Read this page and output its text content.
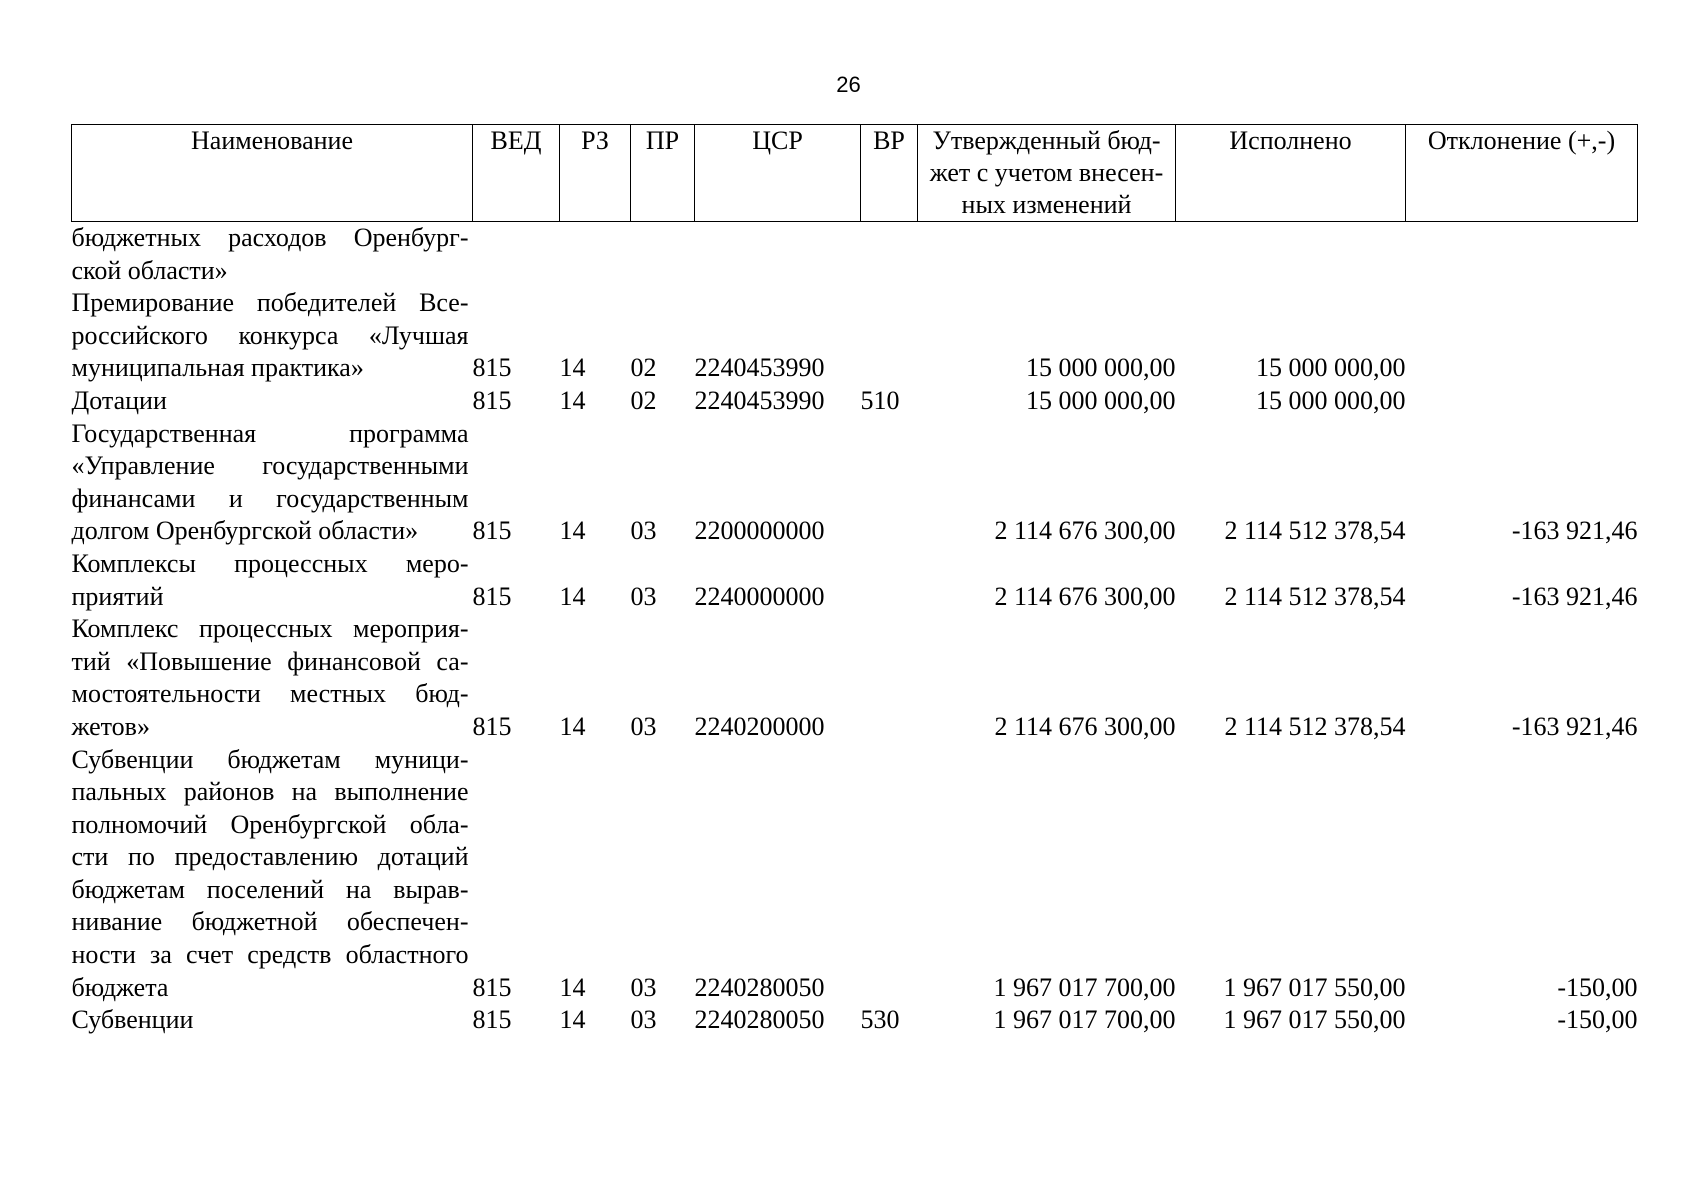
26
Наименование	ВЕД	РЗ	ПР	ЦСР	ВР	Утвержденный бюд-жет с учетом внесен-ных изменений	Исполнено	Отклонение (+,-)
бюджетных расходов Оренбург-ской области»								
Премирование победителей Все-российского конкурса «Лучшая муниципальная практика»	815	14	02	2240453990		15 000 000,00	15 000 000,00	
Дотации	815	14	02	2240453990	510	15 000 000,00	15 000 000,00	
Государственная программа «Управление государственными финансами и государственным долгом Оренбургской области»	815	14	03	2200000000		2 114 676 300,00	2 114 512 378,54	-163 921,46
Комплексы процессных меро-приятий	815	14	03	2240000000		2 114 676 300,00	2 114 512 378,54	-163 921,46
Комплекс процессных мероприя-тий «Повышение финансовой са-мостоятельности местных бюд-жетов»	815	14	03	2240200000		2 114 676 300,00	2 114 512 378,54	-163 921,46
Субвенции бюджетам муници-пальных районов на выполнение полномочий Оренбургской обла-сти по предоставлению дотаций бюджетам поселений на вырав-нивание бюджетной обеспечен-ности за счет средств областного бюджета	815	14	03	2240280050		1 967 017 700,00	1 967 017 550,00	-150,00
Субвенции	815	14	03	2240280050	530	1 967 017 700,00	1 967 017 550,00	-150,00
